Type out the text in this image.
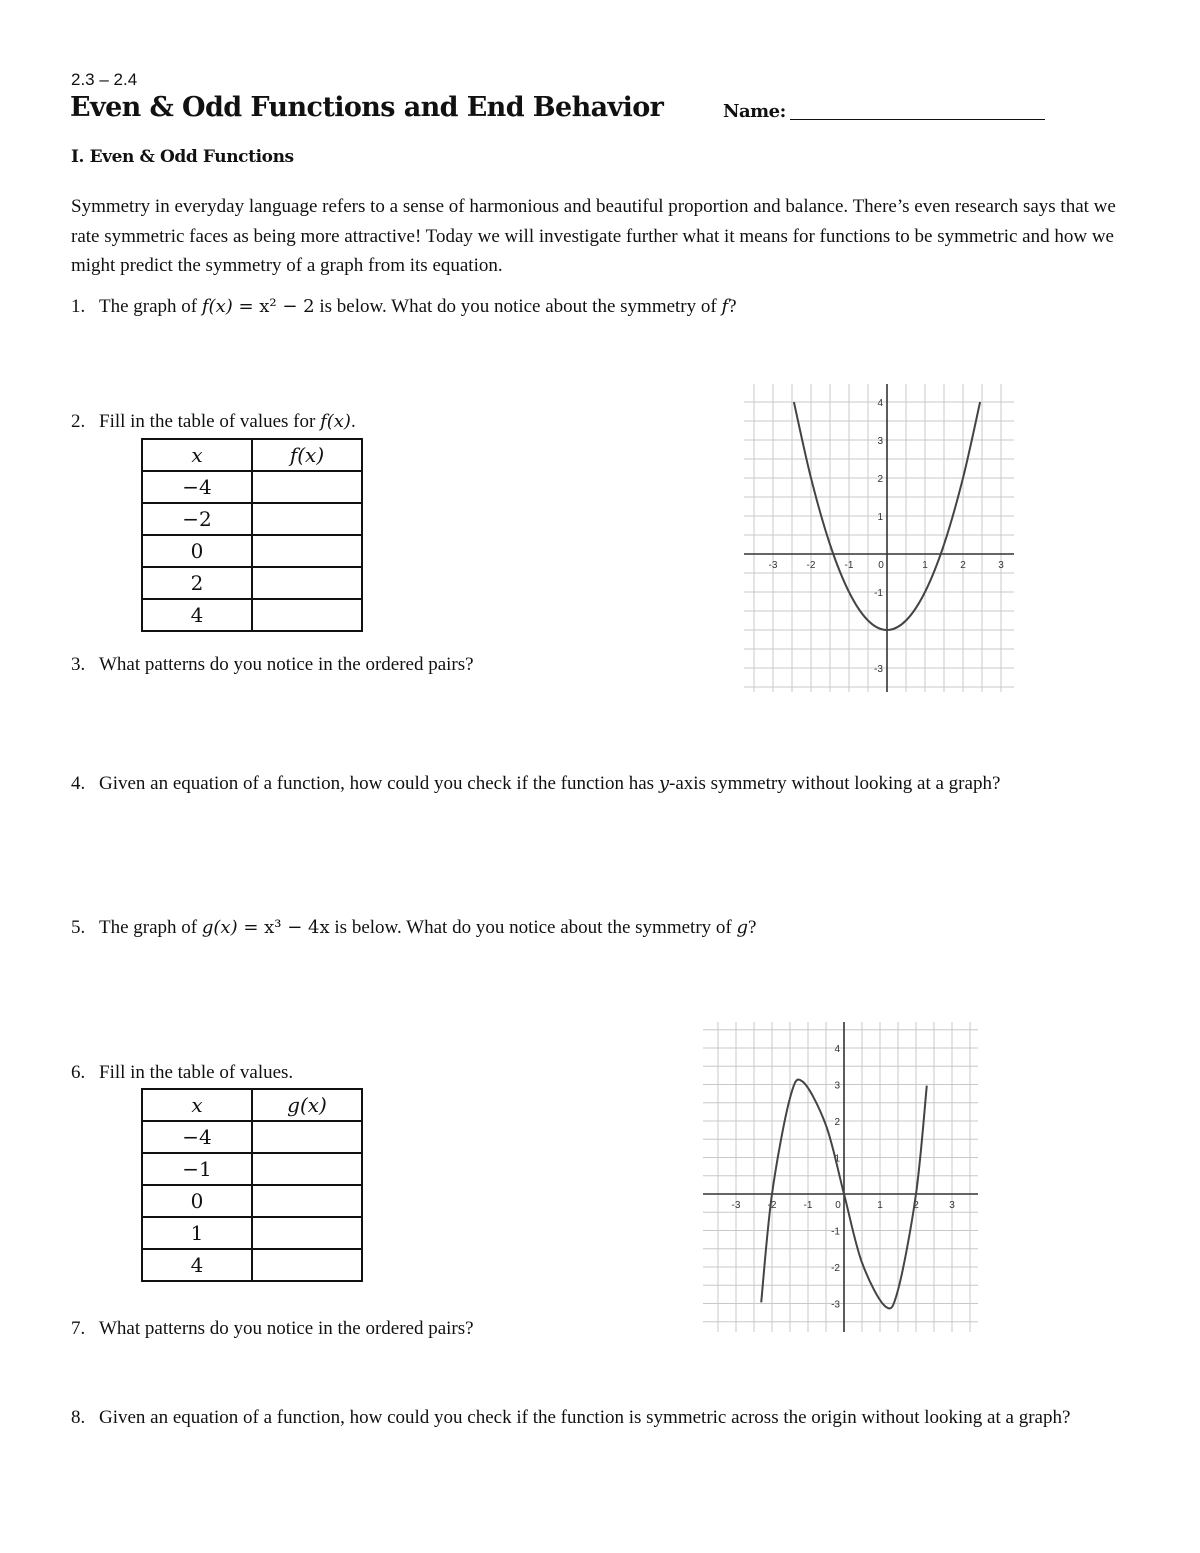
2.3 – 2.4
Even & Odd Functions and End Behavior	Name:
I. Even & Odd Functions
Symmetry in everyday language refers to a sense of harmonious and beautiful proportion and balance. There’s even research says that we rate symmetric faces as being more attractive! Today we will investigate further what it means for functions to be symmetric and how we might predict the symmetry of a graph from its equation.
1. The graph of f(x) = x² − 2 is below. What do you notice about the symmetry of f?
2. Fill in the table of values for f(x).
x	f(x)
−4	
−2	
0	
2	
4	
-3	-2	-1 0	1	2	3
4
3
2
1
-1
-3
3. What patterns do you notice in the ordered pairs?
4. Given an equation of a function, how could you check if the function has y-axis symmetry without looking at a graph?
5. The graph of g(x) = x³ − 4x is below. What do you notice about the symmetry of g?
6. Fill in the table of values.
x	g(x)
−4	
−1	
0	
1	
4	
-3	-2	-1 0	1	2	3
4
3
2
1
-1
-2
-3
7. What patterns do you notice in the ordered pairs?
8. Given an equation of a function, how could you check if the function is symmetric across the origin without looking at a graph?
